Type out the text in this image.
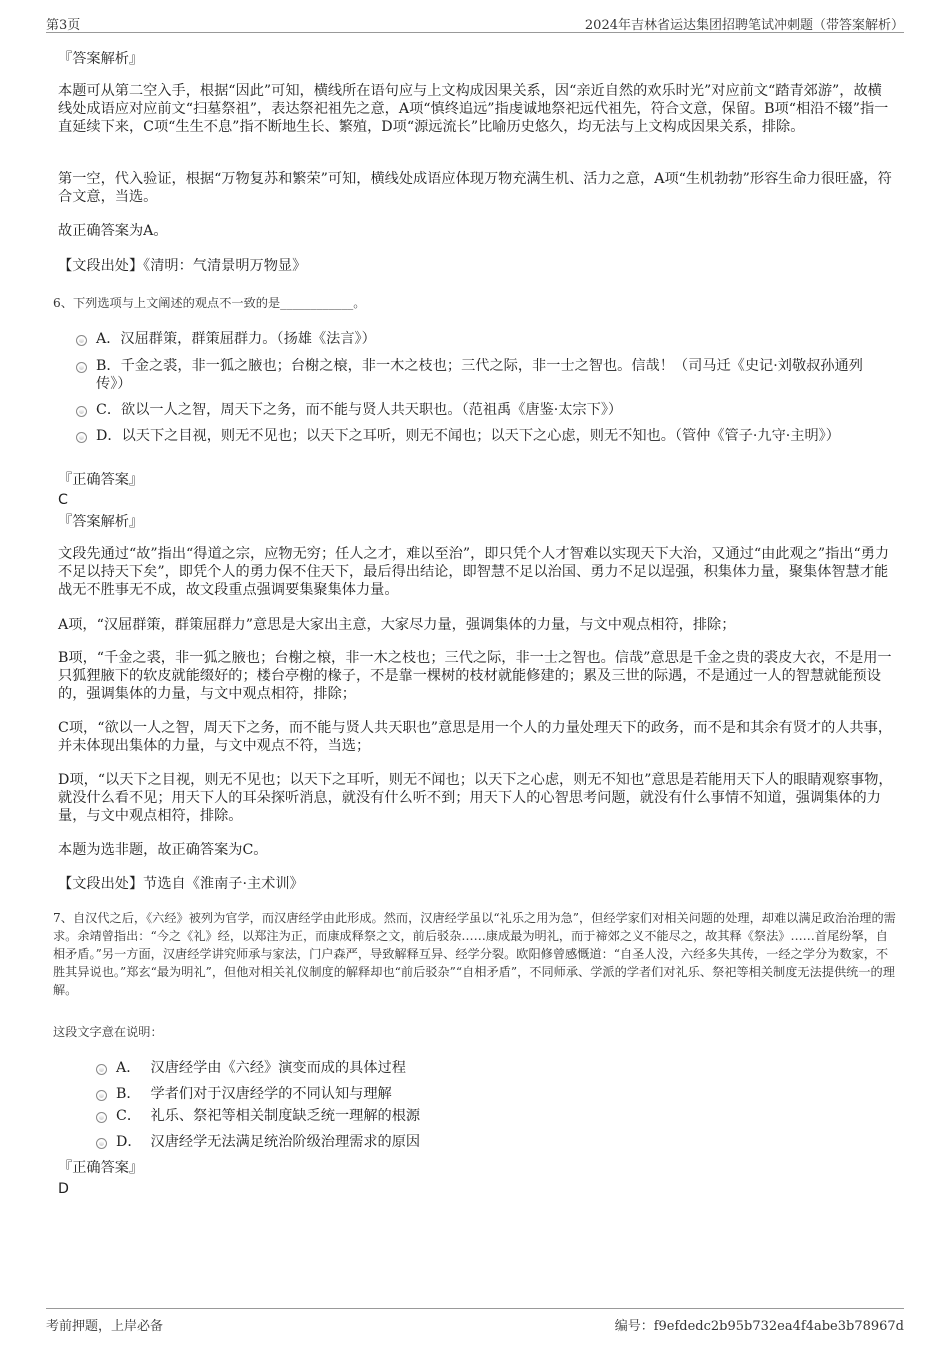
第3页	2024年吉林省运达集团招聘笔试冲刺题（带答案解析）
『答案解析』
本题可从第二空入手，根据“因此”可知，横线所在语句应与上文构成因果关系，因“亲近自然的欢乐时光”对应前文“踏青郊游”，故横线处成语应对应前文“扫墓祭祖”，表达祭祀祖先之意，A项“慎终追远”指虔诚地祭祀远代祖先，符合文意，保留。B项“相沿不辍”指一直延续下来，C项“生生不息”指不断地生长、繁殖，D项“源远流长”比喻历史悠久，均无法与上文构成因果关系，排除。
第一空，代入验证，根据“万物复苏和繁荣”可知，横线处成语应体现万物充满生机、活力之意，A项“生机勃勃”形容生命力很旺盛，符合文意，当选。
故正确答案为A。
【文段出处】《清明：气清景明万物显》
6、下列选项与上文阐述的观点不一致的是____________。
A．汉屈群策，群策屈群力。（扬雄《法言》）
B．千金之裘，非一狐之腋也；台榭之榱，非一木之枝也；三代之际，非一士之智也。信哉！（司马迁《史记·刘敬叔孙通列传》）
C．欲以一人之智，周天下之务，而不能与贤人共天职也。（范祖禹《唐鉴·太宗下》）
D．以天下之目视，则无不见也；以天下之耳听，则无不闻也；以天下之心虑，则无不知也。（管仲《管子·九守·主明》）
『正确答案』
C
『答案解析』
文段先通过“故”指出“得道之宗，应物无穷；任人之才，难以至治”，即只凭个人才智难以实现天下大治，又通过“由此观之”指出“勇力不足以持天下矣”，即凭个人的勇力保不住天下，最后得出结论，即智慧不足以治国、勇力不足以逞强，积集体力量，聚集体智慧才能战无不胜事无不成，故文段重点强调要集聚集体力量。
A项，“汉屈群策，群策屈群力”意思是大家出主意，大家尽力量，强调集体的力量，与文中观点相符，排除；
B项，“千金之裘，非一狐之腋也；台榭之榱，非一木之枝也；三代之际，非一士之智也。信哉”意思是千金之贵的裘皮大衣，不是用一只狐狸腋下的软皮就能缀好的；楼台亭榭的椽子，不是靠一棵树的枝材就能修建的；累及三世的际遇，不是通过一人的智慧就能预设的，强调集体的力量，与文中观点相符，排除；
C项，“欲以一人之智，周天下之务，而不能与贤人共天职也”意思是用一个人的力量处理天下的政务，而不是和其余有贤才的人共事，并未体现出集体的力量，与文中观点不符，当选；
D项，“以天下之目视，则无不见也；以天下之耳听，则无不闻也；以天下之心虑，则无不知也”意思是若能用天下人的眼睛观察事物，就没什么看不见；用天下人的耳朵探听消息，就没有什么听不到；用天下人的心智思考问题，就没有什么事情不知道，强调集体的力量，与文中观点相符，排除。
本题为选非题，故正确答案为C。
【文段出处】节选自《淮南子·主术训》
7、自汉代之后，《六经》被列为官学，而汉唐经学由此形成。然而，汉唐经学虽以“礼乐之用为急”，但经学家们对相关问题的处理，却难以满足政治治理的需求。余靖曾指出：“今之《礼》经，以郑注为正，而康成释祭之文，前后驳杂……康成最为明礼，而于禘郊之义不能尽之，故其释《祭法》……首尾纷拏，自相矛盾。”另一方面，汉唐经学讲究师承与家法，门户森严，导致解释互异、经学分裂。欧阳修曾感慨道：“自圣人没，六经多失其传，一经之学分为数家，不胜其异说也。”郑玄“最为明礼”，但他对相关礼仪制度的解释却也“前后驳杂”“自相矛盾”，不同师承、学派的学者们对礼乐、祭祀等相关制度无法提供统一的理解。
这段文字意在说明：
A． 汉唐经学由《六经》演变而成的具体过程
B． 学者们对于汉唐经学的不同认知与理解
C． 礼乐、祭祀等相关制度缺乏统一理解的根源
D． 汉唐经学无法满足统治阶级治理需求的原因
『正确答案』
D
考前押题，上岸必备	编号：f9efdedc2b95b732ea4f4abe3b78967d
